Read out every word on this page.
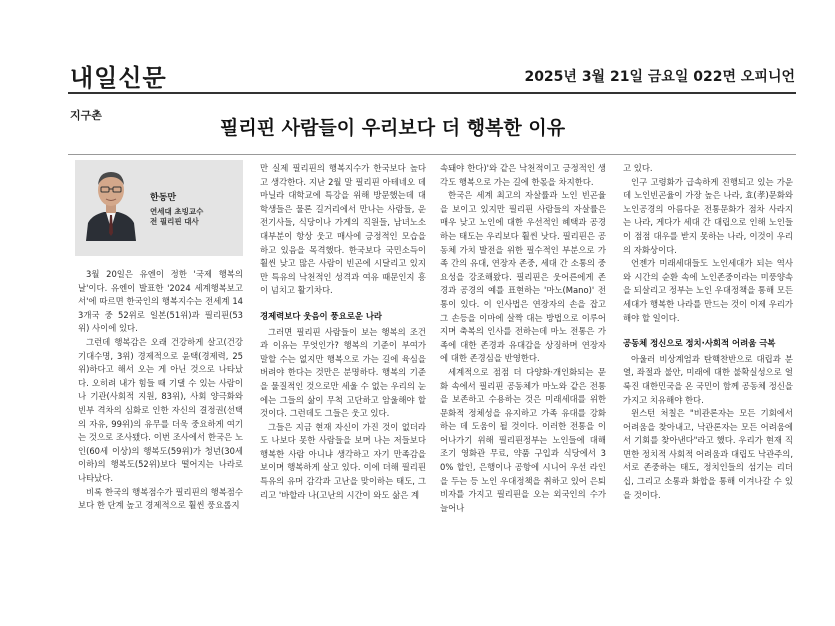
내일신문	2025년 3월 21일 금요일 022면 오피니언
지구촌
필리핀 사람들이 우리보다 더 행복한 이유
한동만
연세대 초빙교수
전 필리핀 대사

3월 20일은 유엔이 정한 '국제 행복의 날'이다. 유엔이 발표한 '2024 세계행복보고서'에 따르면 한국인의 행복지수는 전세계 143개국 중 52위로 일본(51위)과 필리핀(53위) 사이에 있다.

그런데 행복감은 오래 건강하게 살고(건강기대수명, 3위) 경제적으로 윤택(경제력, 25위)하다고 해서 오는 게 아닌 것으로 나타났다. 오히려 내가 힘들 때 기댈 수 있는 사람이나 기관(사회적 지원, 83위), 사회 양극화와 빈부 격차의 심화로 인한 자신의 결정권(선택의 자유, 99위)의 유무를 더욱 중요하게 여기는 것으로 조사됐다. 이번 조사에서 한국은 노인(60세 이상)의 행복도(59위)가 청년(30세 이하)의 행복도(52위)보다 떨어지는 나라로 나타났다.

비록 한국의 행복점수가 필리핀의 행복점수보다 한 단계 높고 경제적으로 훨씬 풍요롭지

만 실제 필리핀의 행복지수가 한국보다 높다고 생각한다. 지난 2월 말 필리핀 아테네오 데 마닐라 대학교에 특강을 위해 방문했는데 대학생들은 물론 길거리에서 만나는 사람들, 운전기사들, 식당이나 가게의 직원들, 남녀노소 대부분이 항상 웃고 매사에 긍정적인 모습을 하고 있음을 목격했다. 한국보다 국민소득이 훨씬 낮고 많은 사람이 빈곤에 시달리고 있지만 특유의 낙천적인 성격과 여유 때문인지 흥이 넘치고 활기차다.

경제력보다 웃음이 풍요로운 나라

그러면 필리핀 사람들이 보는 행복의 조건과 이유는 무엇인가? 행복의 기준이 부여가 말할 수는 없지만 행복으로 가는 길에 육심을 버려야 한다는 것만은 분명하다. 행복의 기준을 물질적인 것으로만 세울 수 없는 우리의 눈에는 그들의 삶이 무척 고단하고 암울해야 할 것이다. 그런데도 그들은 웃고 있다.

그들은 지금 현재 자신이 가진 것이 없더라도 나보다 못한 사람들을 보며 나는 저들보다 행복한 사람 아니냐 생각하고 자기 만족감을 보이며 행복하게 살고 있다. 이에 더해 필리핀 특유의 유머 감각과 고난을 맞이하는 태도, 그리고 '바할라 나(고난의 시간이 와도 삶은 계

속돼야 한다)'와 같은 낙천적이고 긍정적인 생각도 행복으로 가는 길에 한몫을 차지한다.

한국은 세계 최고의 자살률과 노인 빈곤율을 보이고 있지만 필리핀 사람들의 자살률은 매우 낮고 노인에 대한 우선적인 혜택과 공경하는 태도는 우리보다 훨씬 낫다. 필리핀은 공동체 가치 발전을 위한 필수적인 부분으로 가족 간의 유대, 연장자 존중, 세대 간 소통의 중요성을 강조해왔다. 필리핀은 웃어른에게 존경과 공경의 예를 표현하는 '마노(Mano)' 전통이 있다. 이 인사법은 연장자의 손을 잡고 그 손등을 이마에 살짝 대는 방법으로 이루어지며 축복의 인사를 전하는데 마노 전통은 가족에 대한 존경과 유대감을 상징하며 연장자에 대한 존경심을 반영한다.

세계적으로 점점 더 다양화·개인화되는 문화 속에서 필리핀 공동체가 마노와 같은 전통을 보존하고 수용하는 것은 미래세대를 위한 문화적 정체성을 유지하고 가족 유대를 강화하는 데 도움이 될 것이다. 이러한 전통을 이어나가기 위해 필리핀정부는 노인들에 대해 조기 영화관 무료, 약품 구입과 식당에서 30% 할인, 은행이나 공항에 시니어 우선 라인을 두는 등 노인 우대정책을 취하고 있어 은퇴 비자를 가지고 필리핀을 오는 외국인의 수가 늘어나

고 있다.

인구 고령화가 급속하게 진행되고 있는 가운데 노인빈곤율이 가장 높은 나라, 효(孝)문화와 노인공경의 아름다운 전통문화가 점차 사라지는 나라, 게다가 세대 간 대립으로 인해 노인들이 점점 대우를 받지 못하는 나라, 이것이 우리의 자화상이다.

언젠가 미래세대들도 노인세대가 되는 역사와 시간의 순환 속에 노인존중이라는 미풍양속을 되살리고 정부는 노인 우대정책을 통해 모든 세대가 행복한 나라를 만드는 것이 이제 우리가 해야 할 일이다.

공동체 정신으로 정치·사회적 어려움 극복

아울러 비상계엄과 탄핵찬반으로 대립과 분열, 좌절과 불안, 미래에 대한 불확실성으로 얼룩진 대한민국을 온 국민이 함께 공동체 정신을 가지고 치유해야 한다.

윈스턴 처칠은 "비관론자는 모든 기회에서 어려움을 찾아내고, 낙관론자는 모든 어려움에서 기회를 찾아낸다"라고 했다. 우리가 현재 직면한 정치적 사회적 어려움과 대립도 낙관주의, 서로 존중하는 태도, 정치인들의 섬기는 리더십, 그리고 소통과 화합을 통해 이겨나갈 수 있을 것이다.
